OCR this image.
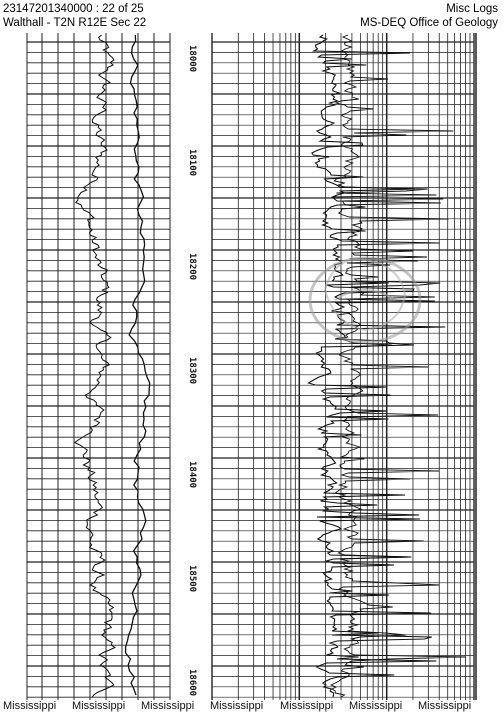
23147201340000 : 22 of 25
Walthall - T2N R12E Sec 22
Misc Logs
MS-DEQ Office of Geology
18000
18100
18200
18300
18400
18500
18600
Mississippi Mississippi Mississippi Mississippi Mississippi Mississippi Mississippi
